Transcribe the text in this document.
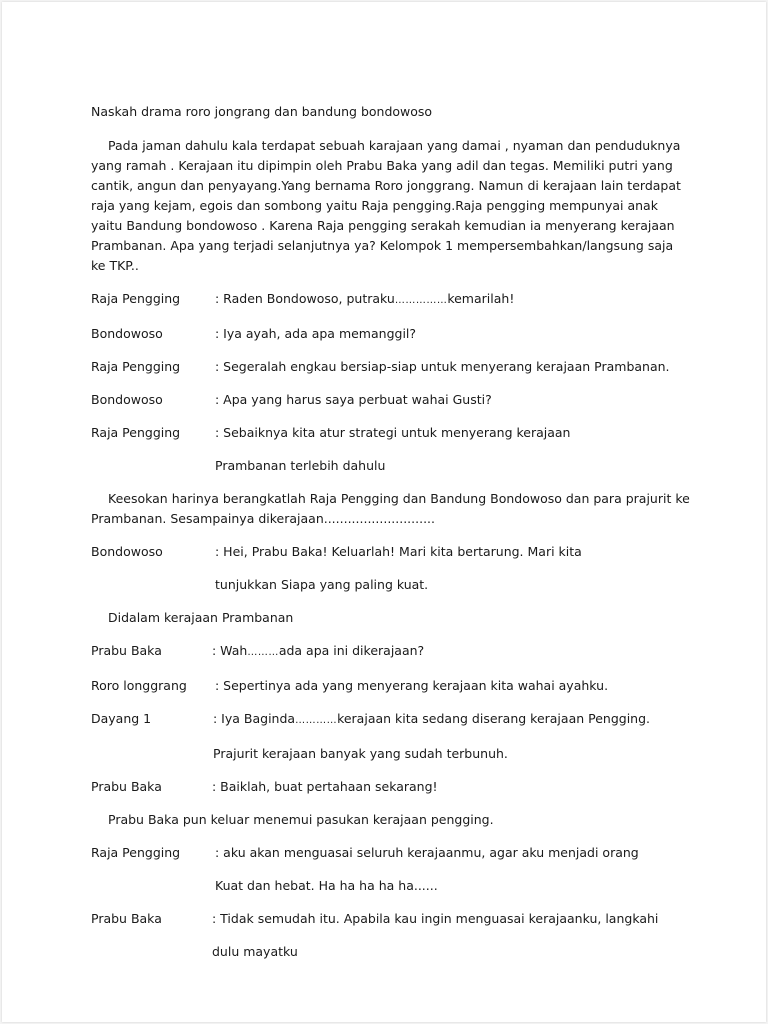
Naskah drama roro jongrang dan bandung bondowoso

Pada jaman dahulu kala terdapat sebuah karajaan yang damai , nyaman dan penduduknya yang ramah . Kerajaan itu dipimpin oleh Prabu Baka yang adil dan tegas. Memiliki putri yang cantik, angun dan penyayang.Yang bernama Roro jonggrang. Namun di kerajaan lain terdapat raja yang kejam, egois dan sombong yaitu Raja pengging.Raja pengging mempunyai anak yaitu Bandung bondowoso . Karena Raja pengging serakah kemudian ia menyerang kerajaan Prambanan. Apa yang terjadi selanjutnya ya? Kelompok 1 mempersembahkan/langsung saja ke TKP..

Raja Pengging	: Raden Bondowoso, putraku……………kemarilah!
Bondowoso	: Iya ayah, ada apa memanggil?
Raja Pengging	: Segeralah engkau bersiap-siap untuk menyerang kerajaan Prambanan.
Bondowoso	: Apa yang harus saya perbuat wahai Gusti?
Raja Pengging	: Sebaiknya kita atur strategi untuk menyerang kerajaan
Prambanan terlebih dahulu

Keesokan harinya berangkatlah Raja Pengging dan Bandung Bondowoso dan para prajurit ke Prambanan. Sesampainya dikerajaan............................

Bondowoso	: Hei, Prabu Baka! Keluarlah! Mari kita bertarung. Mari kita
tunjukkan Siapa yang paling kuat.

Didalam kerajaan Prambanan

Prabu Baka	: Wah………ada apa ini dikerajaan?
Roro longgrang	: Sepertinya ada yang menyerang kerajaan kita wahai ayahku.
Dayang 1	: Iya Baginda…………kerajaan kita sedang diserang kerajaan Pengging.
Prajurit kerajaan banyak yang sudah terbunuh.
Prabu Baka	: Baiklah, buat pertahaan sekarang!

Prabu Baka pun keluar menemui pasukan kerajaan pengging.

Raja Pengging	: aku akan menguasai seluruh kerajaanmu, agar aku menjadi orang
Kuat dan hebat. Ha ha ha ha ha......
Prabu Baka	: Tidak semudah itu. Apabila kau ingin menguasai kerajaanku, langkahi
dulu mayatku
